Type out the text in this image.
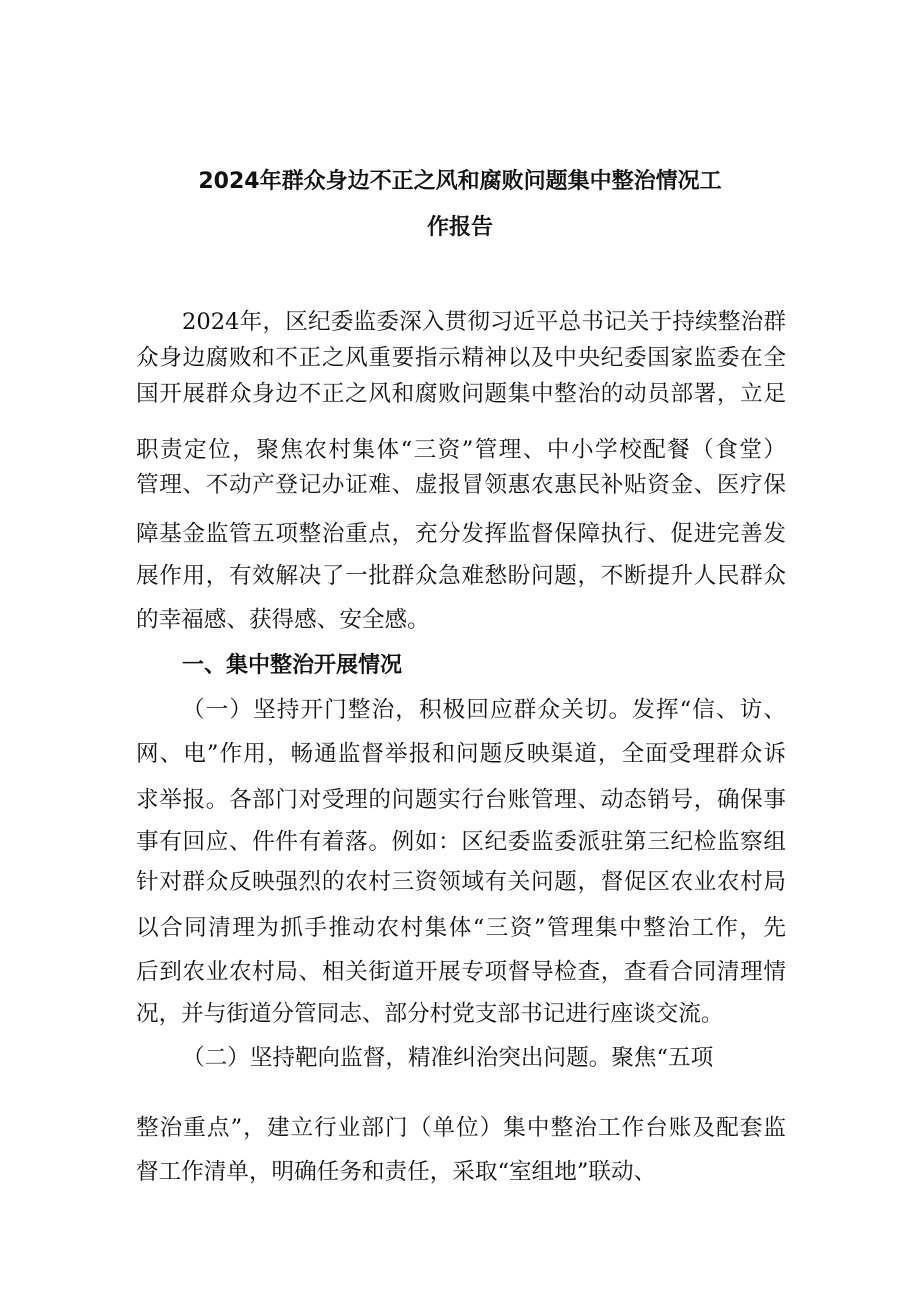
2024年群众身边不正之风和腐败问题集中整治情况工
作报告
2024年，区纪委监委深入贯彻习近平总书记关于持续整治群
众身边腐败和不正之风重要指示精神以及中央纪委国家监委在全
国开展群众身边不正之风和腐败问题集中整治的动员部署，立足
职责定位，聚焦农村集体“三资”管理、中小学校配餐（食堂）
管理、不动产登记办证难、虚报冒领惠农惠民补贴资金、医疗保
障基金监管五项整治重点，充分发挥监督保障执行、促进完善发
展作用，有效解决了一批群众急难愁盼问题，不断提升人民群众
的幸福感、获得感、安全感。
一、集中整治开展情况
（一）坚持开门整治，积极回应群众关切。发挥“信、访、
网、电”作用，畅通监督举报和问题反映渠道，全面受理群众诉
求举报。各部门对受理的问题实行台账管理、动态销号，确保事
事有回应、件件有着落。例如：区纪委监委派驻第三纪检监察组
针对群众反映强烈的农村三资领域有关问题，督促区农业农村局
以合同清理为抓手推动农村集体“三资”管理集中整治工作，先
后到农业农村局、相关街道开展专项督导检查，查看合同清理情
况，并与街道分管同志、部分村党支部书记进行座谈交流。
（二）坚持靶向监督，精准纠治突出问题。聚焦“五项
整治重点”，建立行业部门（单位）集中整治工作台账及配套监
督工作清单，明确任务和责任，采取“室组地”联动、
